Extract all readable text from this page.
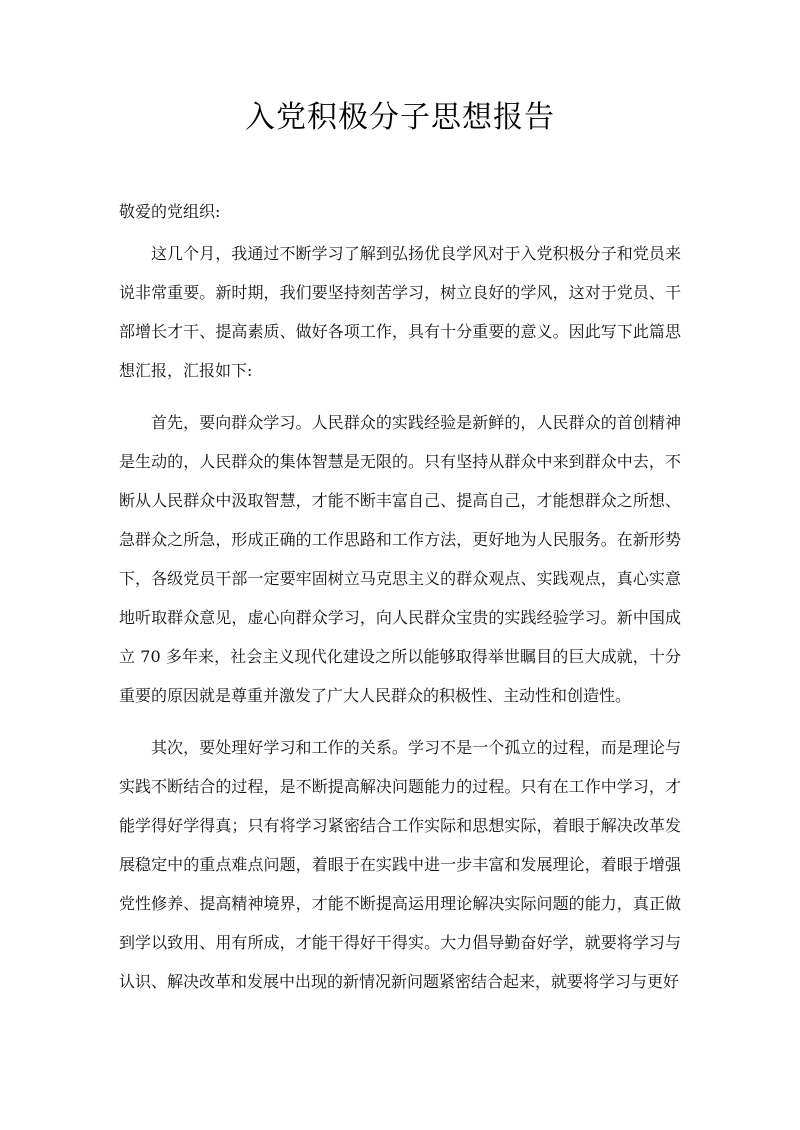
入党积极分子思想报告

敬爱的党组织:

这几个月，我通过不断学习了解到弘扬优良学风对于入党积极分子和党员来说非常重要。新时期，我们要坚持刻苦学习，树立良好的学风，这对于党员、干部增长才干、提高素质、做好各项工作，具有十分重要的意义。因此写下此篇思想汇报，汇报如下:

首先，要向群众学习。人民群众的实践经验是新鲜的，人民群众的首创精神是生动的，人民群众的集体智慧是无限的。只有坚持从群众中来到群众中去，不断从人民群众中汲取智慧，才能不断丰富自己、提高自己，才能想群众之所想、急群众之所急，形成正确的工作思路和工作方法，更好地为人民服务。在新形势下，各级党员干部一定要牢固树立马克思主义的群众观点、实践观点，真心实意地听取群众意见，虚心向群众学习，向人民群众宝贵的实践经验学习。新中国成立 70 多年来，社会主义现代化建设之所以能够取得举世瞩目的巨大成就，十分重要的原因就是尊重并激发了广大人民群众的积极性、主动性和创造性。

其次，要处理好学习和工作的关系。学习不是一个孤立的过程，而是理论与实践不断结合的过程，是不断提高解决问题能力的过程。只有在工作中学习，才能学得好学得真；只有将学习紧密结合工作实际和思想实际，着眼于解决改革发展稳定中的重点难点问题，着眼于在实践中进一步丰富和发展理论，着眼于增强党性修养、提高精神境界，才能不断提高运用理论解决实际问题的能力，真正做到学以致用、用有所成，才能干得好干得实。大力倡导勤奋好学，就要将学习与认识、解决改革和发展中出现的新情况新问题紧密结合起来，就要将学习与更好
